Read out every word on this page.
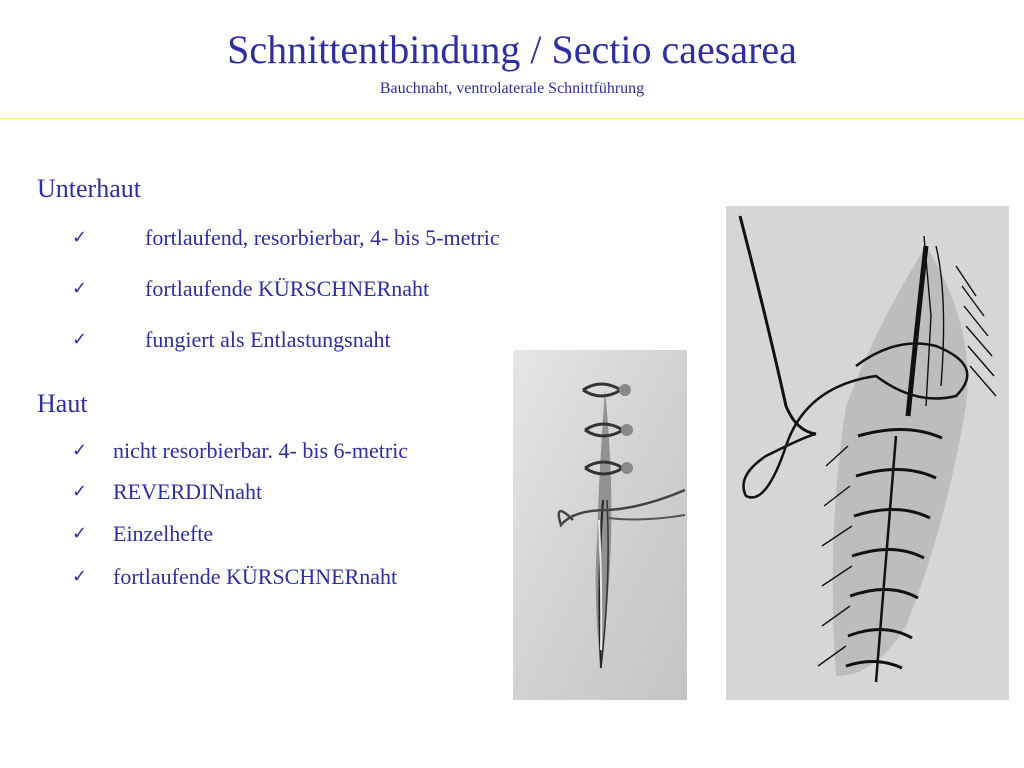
Schnittentbindung / Sectio caesarea
Bauchnaht, ventrolaterale Schnittführung
Unterhaut
✓	fortlaufend, resorbierbar, 4- bis 5-metric
✓	fortlaufende KÜRSCHNERnaht
✓	fungiert als Entlastungsnaht
Haut
✓ nicht resorbierbar. 4- bis 6-metric
✓ REVERDINnaht
✓ Einzelhefte
✓ fortlaufende KÜRSCHNERnaht
